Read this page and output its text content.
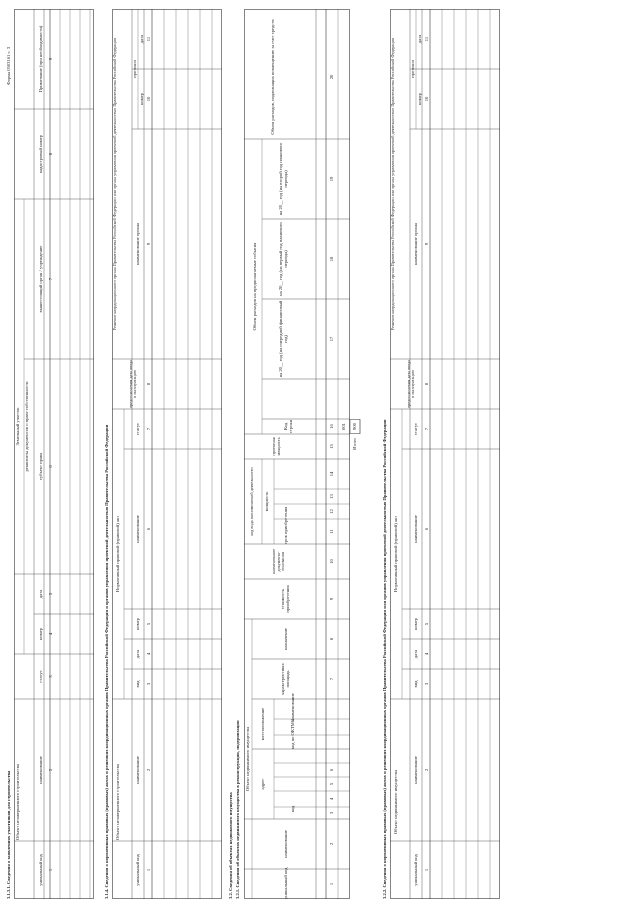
Форма 0503161 с. 3
3.1.3.1. Сведения о заявлениях участников для строительства Объект незавершенного строительства
Земельный участок реквизиты документов о праве собственности
уникальный код
наименование
статус
номер
дата
субъект права
вышестоящий орган / учреждение
кадастровый номер
Примечание (при необходимости)
1
2
3
4
5
6
7
8
9
3.1.4. Сведения о нормативных правовых (правовых) актах и решениях координационных органов Правительства Российской Федерации и органов управления проектной деятельностью Правительства Российской Федерации Объект незавершенного строительства
Нормативный правовой (правовой) акт
Решение координационного органа Правительства Российской Федерации или органа управления проектной деятельностью Правительства Российской Федерации
уникальный код
наименование
вид
дата
номер
наименование
статус
предполагаемая дата ввода в эксплуатацию
наименование органа
протокол
номер
дата
1
2
3
4
5
6
7
8
9
10
11
3.2. Сведения об объектах недвижимого имущества 3.2.1. Сведения об объектах недвижимого имущества в реконструкции, модернизации Объект недвижимого имущества
уникальный код
наименование
адрес
местоположение
код
код по ОКТМО
наименование
характеристики: площадь
назначение
стоимость приобретения
наименование документа-основания
код вида экономической деятельности мощность
срок приобретения
проектная мощность
Объем расходов на предполагаемые события
Код строки
на 20__ год (на очередной финансовый год)
на 20__ год (на первый год планового периода)
на 20__ год (на второй год планового периода)
Объем расходов, подлежащих возмещению за счет средств
1
2
3
4
5
6
7
8
9
10
11
12
13
14
15
16
17
18
19
20
001
Итого
900	3.2.2. Сведения о нормативных правовых (правовых) актах и решениях координационных органов Правительства Российской Федерации или органов управления проектной деятельностью Правительства Российской Федерации Объект недвижимого имущества
Нормативный правовой (правовой) акт
Решение координационного органа Правительства Российской Федерации или органа управления проектной деятельностью Правительства Российской Федерации
уникальный код
наименование
вид
дата
номер
наименование
статус
предполагаемая дата ввода в эксплуатацию
наименование органа
протокол
номер
дата
1
2
3
4
5
6
7
8
9
10
11
